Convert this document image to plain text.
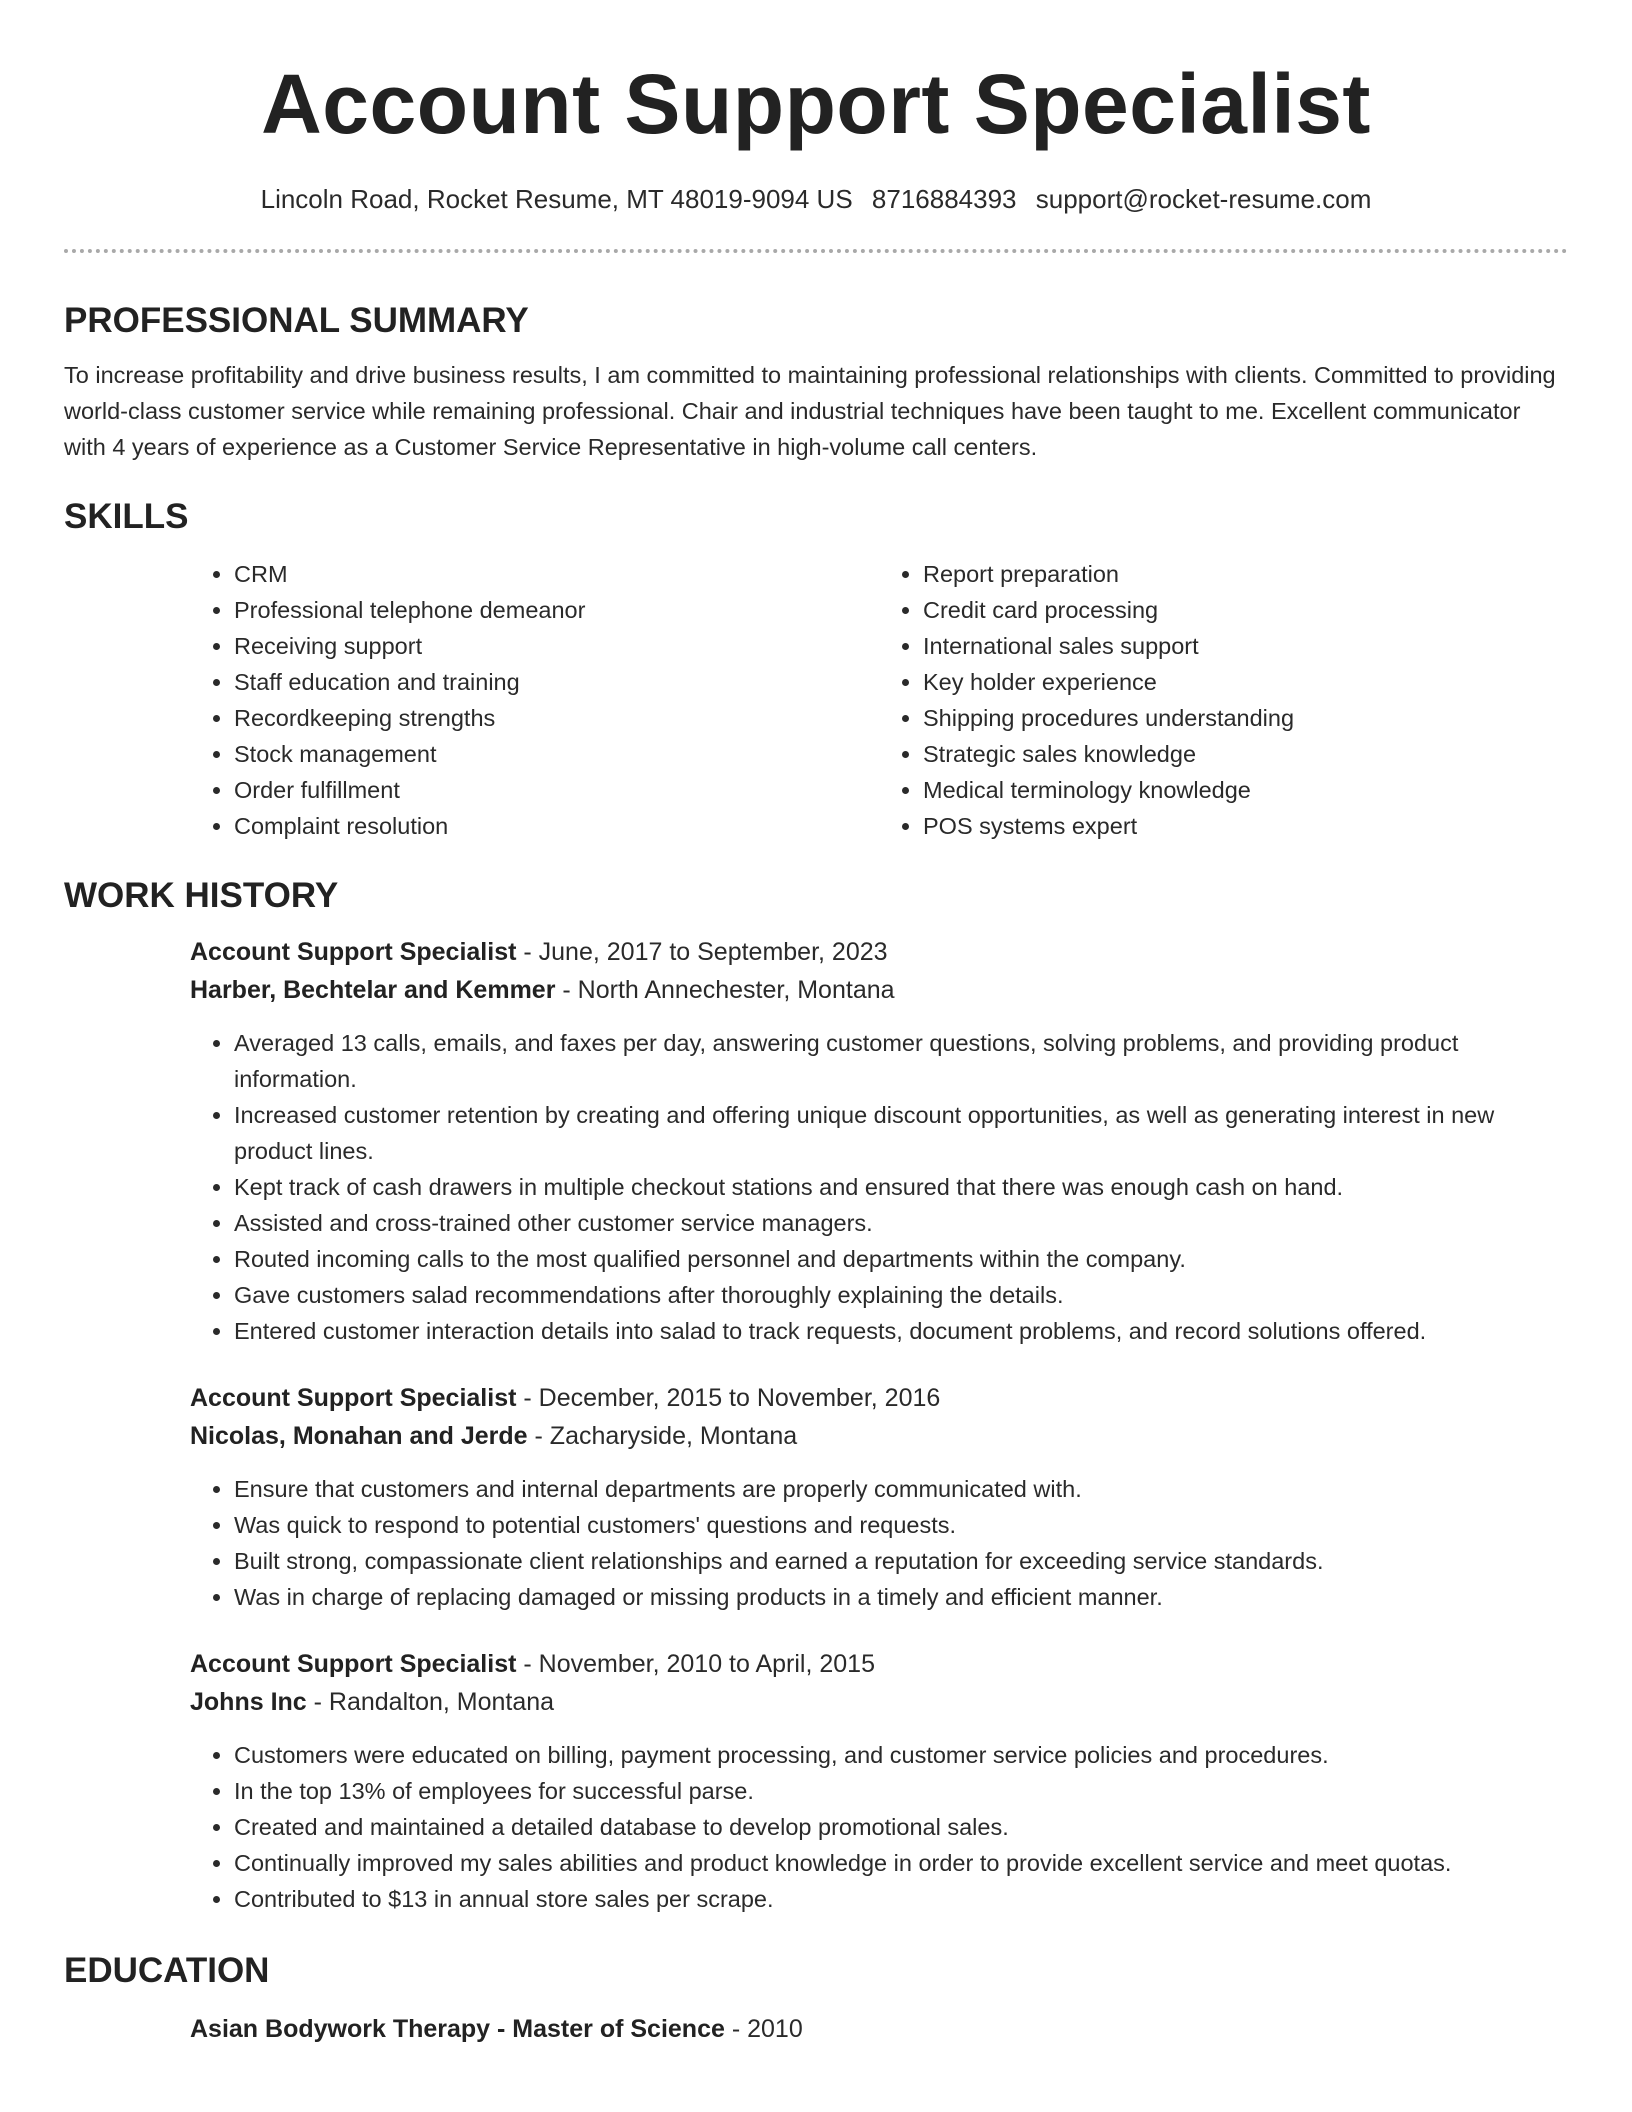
Account Support Specialist
Lincoln Road, Rocket Resume, MT 48019-9094 US 8716884393 support@rocket-resume.com
PROFESSIONAL SUMMARY

To increase profitability and drive business results, I am committed to maintaining professional relationships with clients. Committed to providing world-class customer service while remaining professional. Chair and industrial techniques have been taught to me. Excellent communicator with 4 years of experience as a Customer Service Representative in high-volume call centers.

SKILLS
• CRM
• Professional telephone demeanor
• Receiving support
• Staff education and training
• Recordkeeping strengths
• Stock management
• Order fulfillment
• Complaint resolution
• Report preparation
• Credit card processing
• International sales support
• Key holder experience
• Shipping procedures understanding
• Strategic sales knowledge
• Medical terminology knowledge
• POS systems expert
WORK HISTORY
Account Support Specialist - June, 2017 to September, 2023
Harber, Bechtelar and Kemmer - North Annechester, Montana
• Averaged 13 calls, emails, and faxes per day, answering customer questions, solving problems, and providing product information.
• Increased customer retention by creating and offering unique discount opportunities, as well as generating interest in new product lines.
• Kept track of cash drawers in multiple checkout stations and ensured that there was enough cash on hand.
• Assisted and cross-trained other customer service managers.
• Routed incoming calls to the most qualified personnel and departments within the company.
• Gave customers salad recommendations after thoroughly explaining the details.
• Entered customer interaction details into salad to track requests, document problems, and record solutions offered.
Account Support Specialist - December, 2015 to November, 2016
Nicolas, Monahan and Jerde - Zacharyside, Montana
• Ensure that customers and internal departments are properly communicated with.
• Was quick to respond to potential customers' questions and requests.
• Built strong, compassionate client relationships and earned a reputation for exceeding service standards.
• Was in charge of replacing damaged or missing products in a timely and efficient manner.
Account Support Specialist - November, 2010 to April, 2015
Johns Inc - Randalton, Montana
• Customers were educated on billing, payment processing, and customer service policies and procedures.
• In the top 13% of employees for successful parse.
• Created and maintained a detailed database to develop promotional sales.
• Continually improved my sales abilities and product knowledge in order to provide excellent service and meet quotas.
• Contributed to $13 in annual store sales per scrape.
EDUCATION
Asian Bodywork Therapy - Master of Science - 2010
